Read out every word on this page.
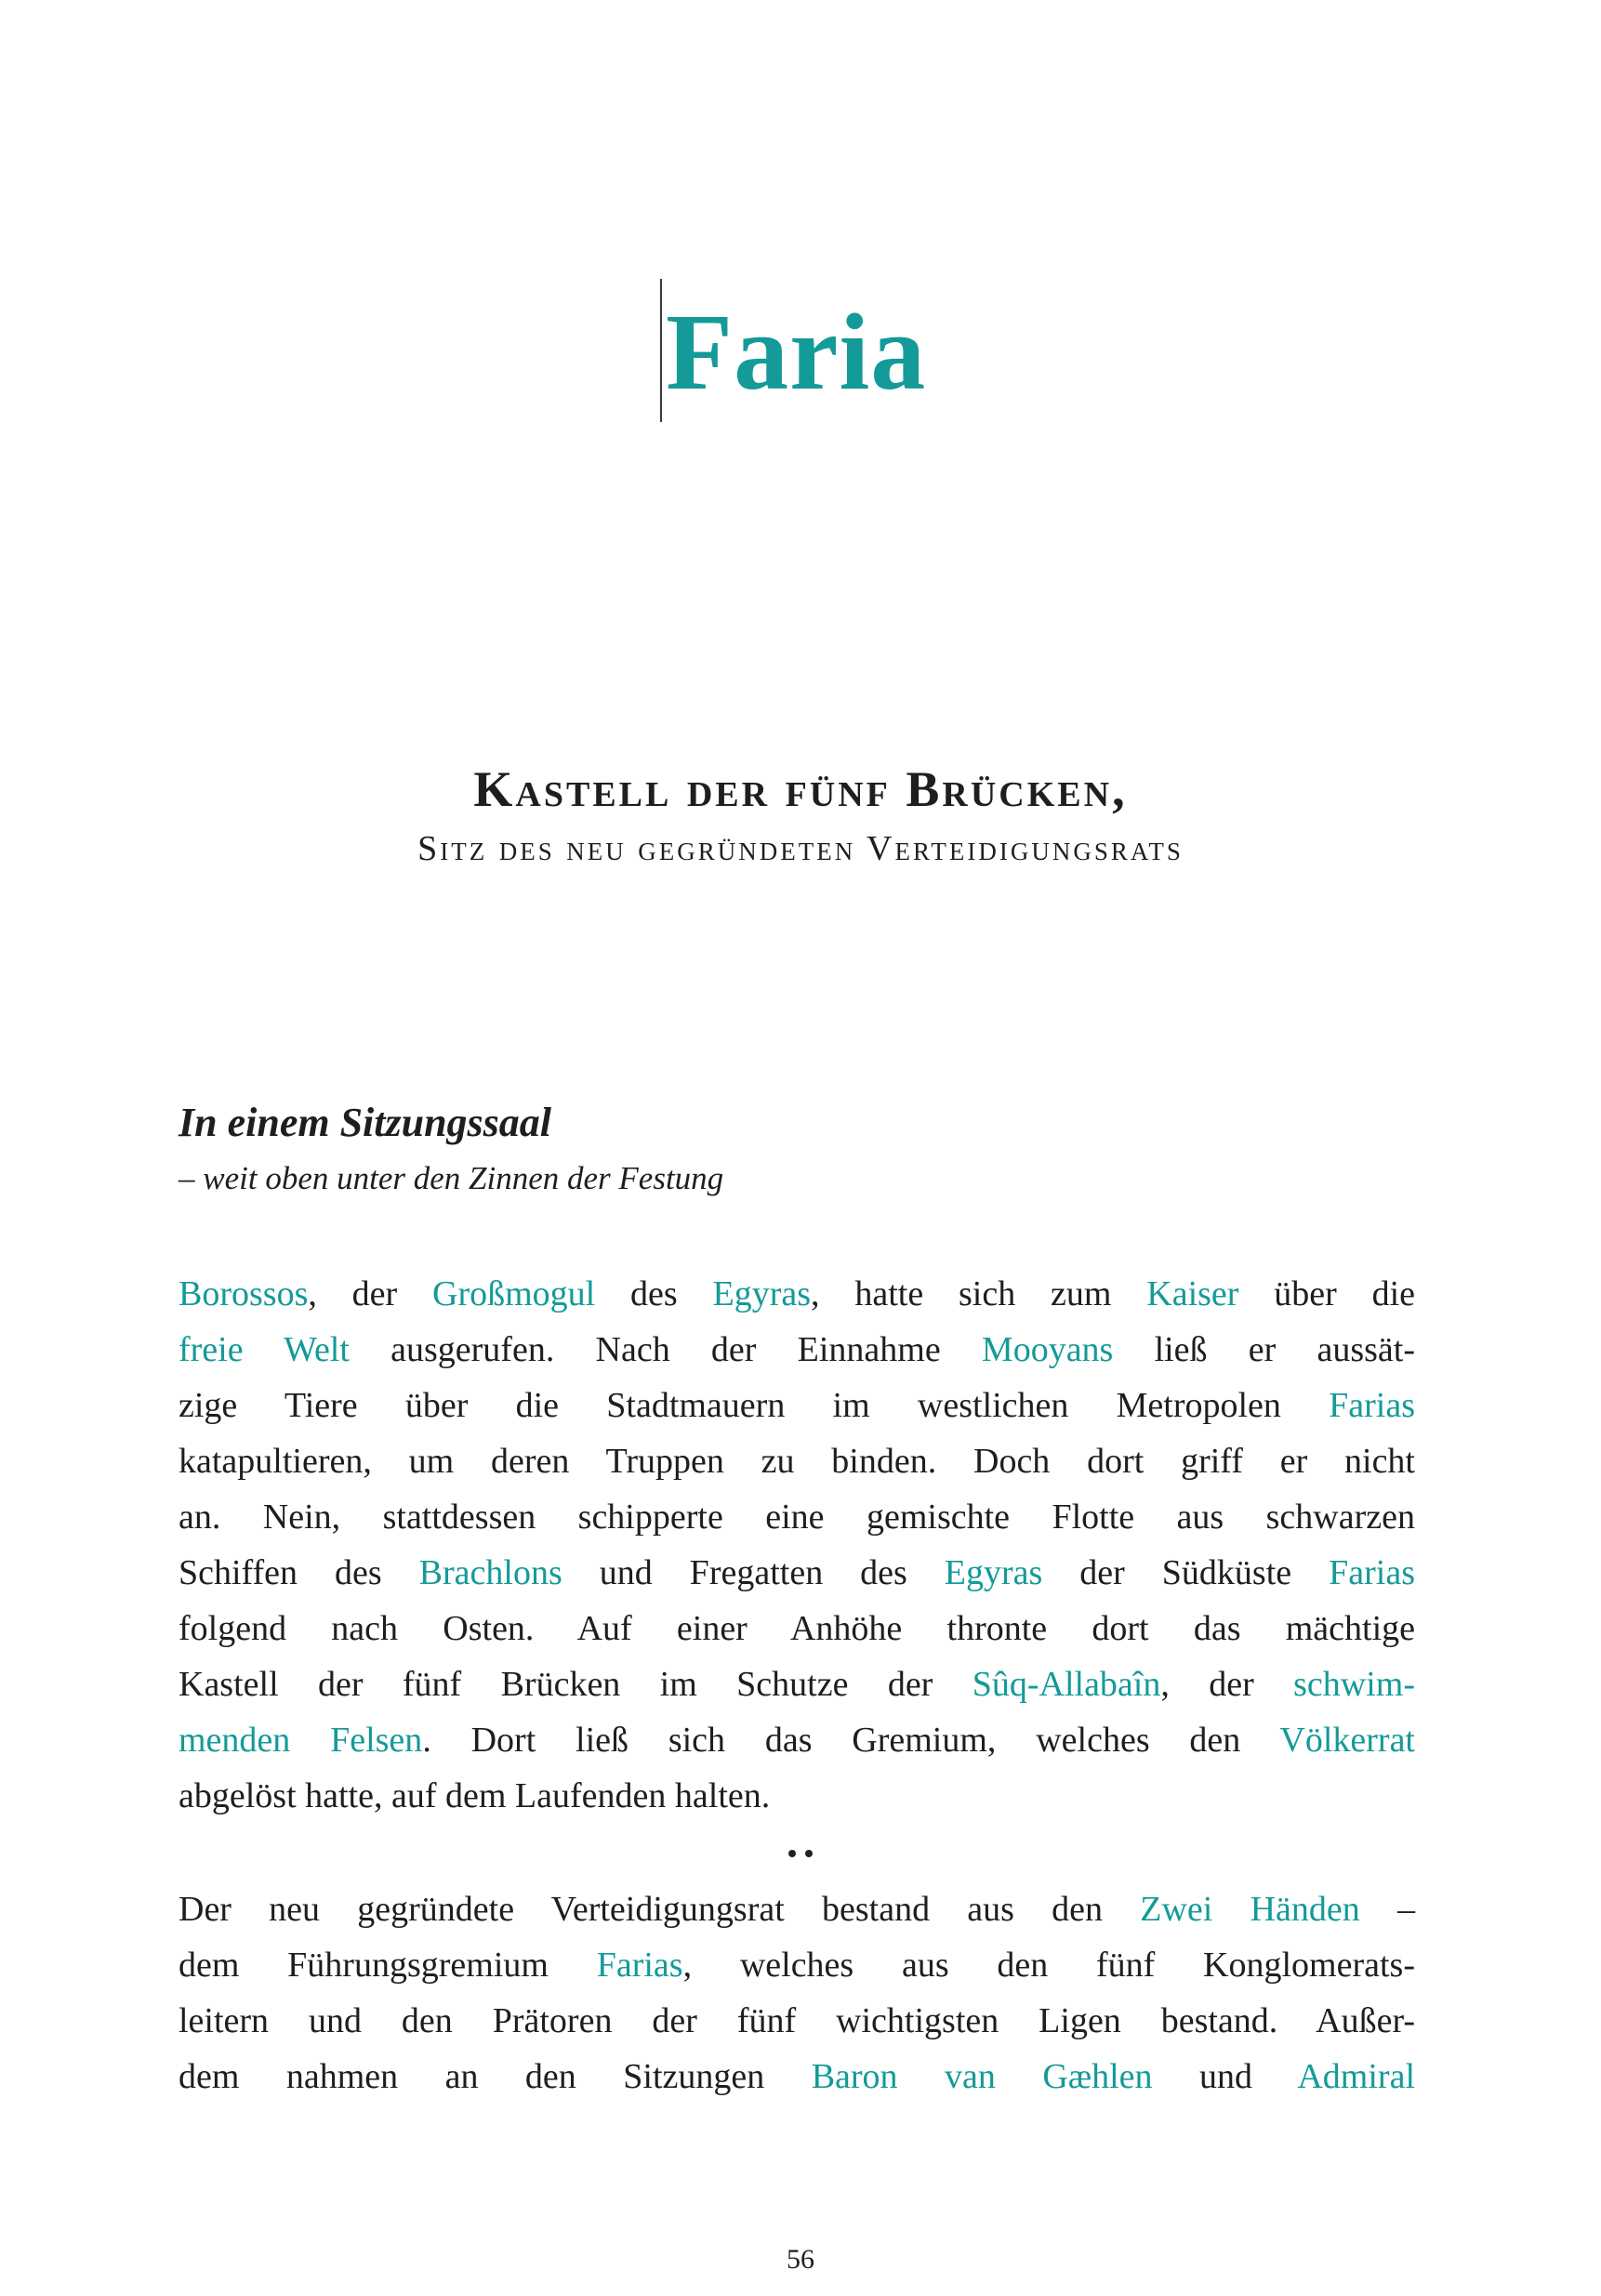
Faria
Kastell der fünf Brücken,
Sitz des neu gegründeten Verteidigungsrats
In einem Sitzungssaal
– weit oben unter den Zinnen der Festung
Borossos, der Großmogul des Egyras, hatte sich zum Kaiser über die
freie Welt ausgerufen. Nach der Einnahme Mooyans ließ er aussät-
zige Tiere über die Stadtmauern im westlichen Metropolen Farias
katapultieren, um deren Truppen zu binden. Doch dort griff er nicht
an. Nein, stattdessen schipperte eine gemischte Flotte aus schwarzen
Schiffen des Brachlons und Fregatten des Egyras der Südküste Farias
folgend nach Osten. Auf einer Anhöhe thronte dort das mächtige
Kastell der fünf Brücken im Schutze der Sûq-Allabaîn, der schwim-
menden Felsen. Dort ließ sich das Gremium, welches den Völkerrat
abgelöst hatte, auf dem Laufenden halten.
Der neu gegründete Verteidigungsrat bestand aus den Zwei Händen –
dem Führungsgremium Farias, welches aus den fünf Konglomerats-
leitern und den Prätoren der fünf wichtigsten Ligen bestand. Außer-
dem nahmen an den Sitzungen Baron van Gæhlen und Admiral
56
